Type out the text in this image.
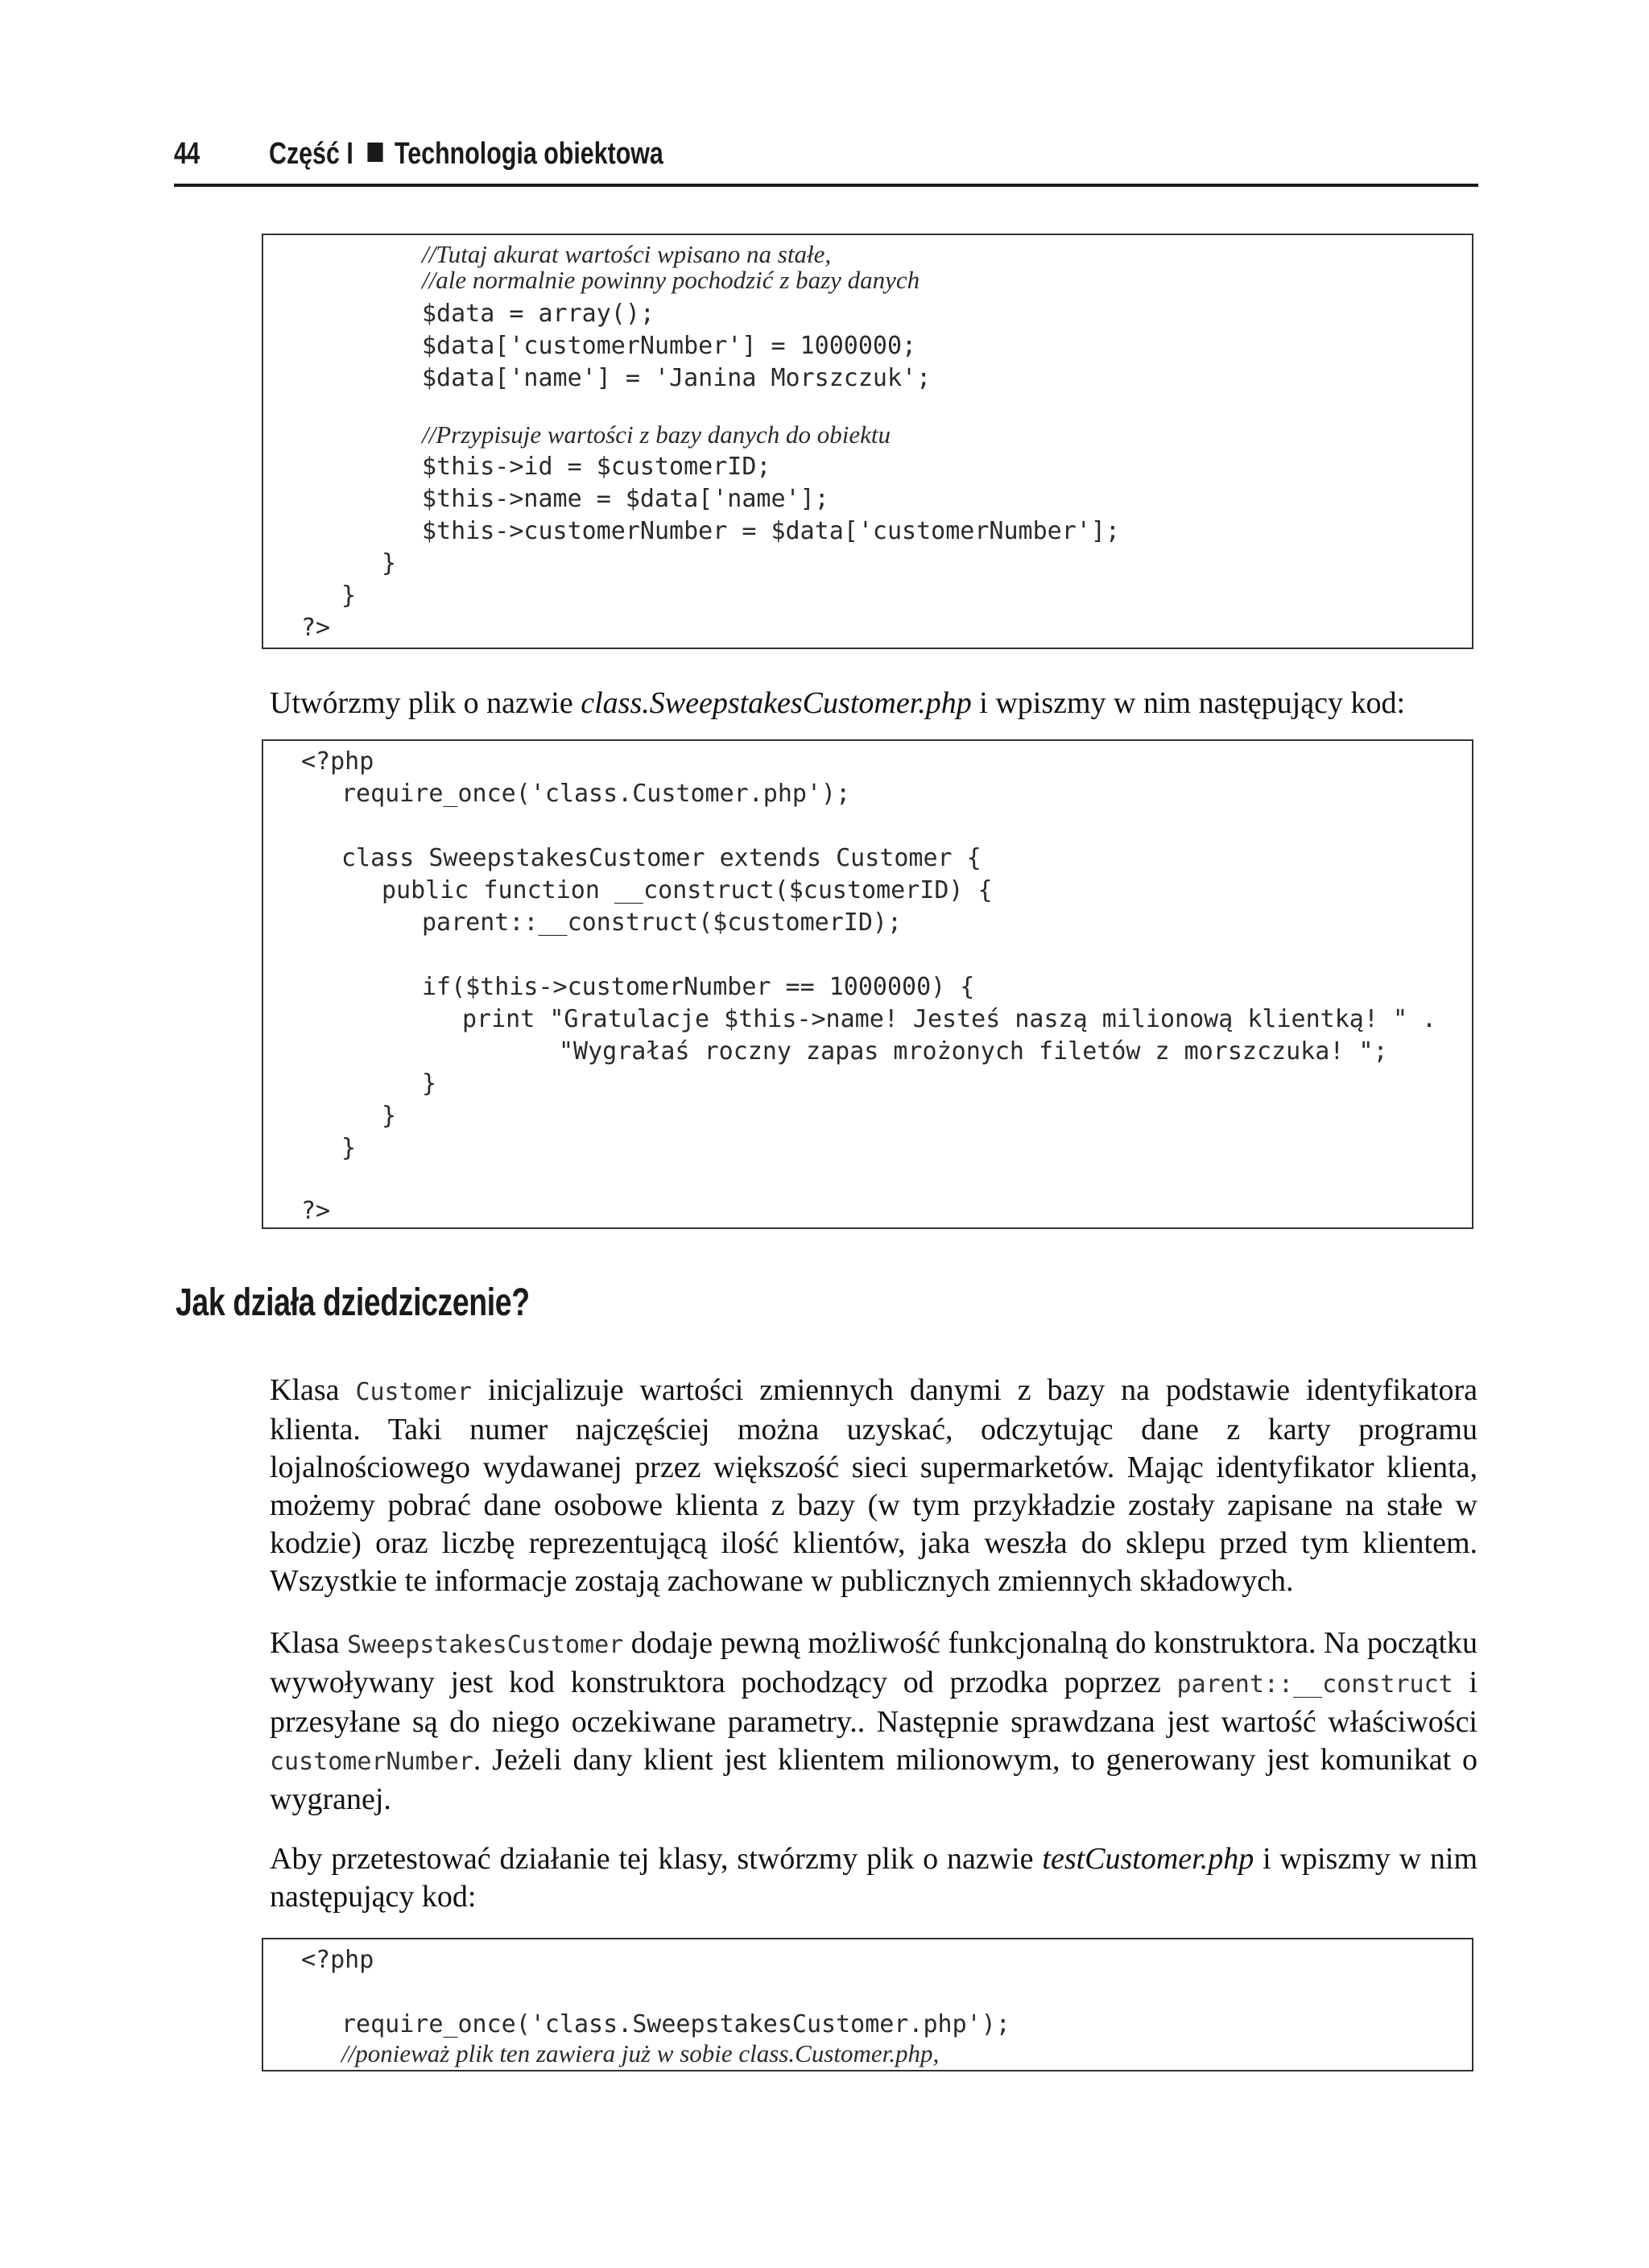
44 Część I Technologia obiektowa
//Tutaj akurat wartości wpisano na stałe,
//ale normalnie powinny pochodzić z bazy danych
$data = array();
$data['customerNumber'] = 1000000;
$data['name'] = 'Janina Morszczuk';
//Przypisuje wartości z bazy danych do obiektu
$this->id = $customerID;
$this->name = $data['name'];
$this->customerNumber = $data['customerNumber'];
}
}
?>
Utwórzmy plik o nazwie class.SweepstakesCustomer.php i wpiszmy w nim następujący kod:
<?php
require_once('class.Customer.php');
class SweepstakesCustomer extends Customer {
public function __construct($customerID) {
parent::__construct($customerID);
if($this->customerNumber == 1000000) {
print "Gratulacje $this->name! Jesteś naszą milionową klientką! " .
"Wygrałaś roczny zapas mrożonych filetów z morszczuka! ";
}
}
}
?>
Jak działa dziedziczenie?
Klasa Customer inicjalizuje wartości zmiennych danymi z bazy na podstawie identyfikatora klienta. Taki numer najczęściej można uzyskać, odczytując dane z karty programu lojalnościowego wydawanej przez większość sieci supermarketów. Mając identyfikator klienta, możemy pobrać dane osobowe klienta z bazy (w tym przykładzie zostały zapisane na stałe w kodzie) oraz liczbę reprezentującą ilość klientów, jaka weszła do sklepu przed tym klientem. Wszystkie te informacje zostają zachowane w publicznych zmiennych składowych.
Klasa SweepstakesCustomer dodaje pewną możliwość funkcjonalną do konstruktora. Na początku wywoływany jest kod konstruktora pochodzący od przodka poprzez parent::__construct i przesyłane są do niego oczekiwane parametry.. Następnie sprawdzana jest wartość właściwości customerNumber. Jeżeli dany klient jest klientem milionowym, to generowany jest komunikat o wygranej.
Aby przetestować działanie tej klasy, stwórzmy plik o nazwie testCustomer.php i wpiszmy w nim następujący kod:
<?php
require_once('class.SweepstakesCustomer.php');
//ponieważ plik ten zawiera już w sobie class.Customer.php,
